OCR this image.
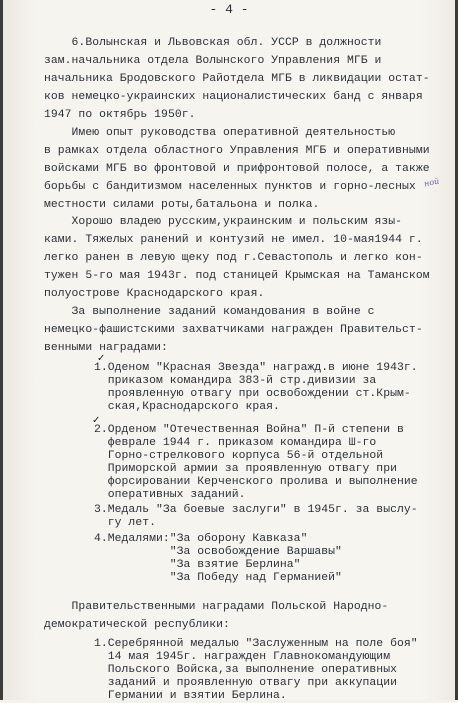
- 4 -
6.Волынская и Львовская обл. УССР в должности
зам.начальника отдела Волынского Управления МГБ и
начальника Бродовского Райотдела МГБ в ликвидации остат-
ков немецко-украинских националистических банд с января
1947 по октябрь 1950г.
Имею опыт руководства оперативной деятельностью
в рамках отдела областного Управления МГБ и оперативными
войсками МГБ во фронтовой и прифронтовой полосе, а также
борьбы с бандитизмом населенных пунктов и горно-лесных
местности силами роты,батальона и полка.
Хорошо владею русским,украинским и польским язы-
ками. Тяжелых ранений и контузий не имел. 10-мая1944 г.
легко ранен в левую щеку под г.Севастополь и легко кон-
тужен 5-го мая 1943г. под станицей Крымская на Таманском
полуострове Краснодарского края.
За выполнение заданий командования в войне с
немецко-фашистскими захватчиками награжден Правительст-
венными наградами:
1.Оденом "Красная Звезда" награжд.в июне 1943г.
приказом командира 383-й стр.дивизии за
проявленную отвагу при освобождении ст.Крым-
ская,Краснодарского края.
2.Орденом "Отечественная Война" П-й степени в
феврале 1944 г. приказом командира Ш-го
Горно-стрелкового корпуса 56-й отдельной
Приморской армии за проявленную отвагу при
форсировании Керченского пролива и выполнение
оперативных заданий.
3.Медаль "За боевые заслуги" в 1945г. за выслу-
гу лет.
4.Медалями:"За оборону Кавказа"
"За освобождение Варшавы"
"За взятие Берлина"
"За Победу над Германией"
Правительственными наградами Польской Народно-
демократической республики:
1.Серебрянной медалью "Заслуженным на поле боя"
14 мая 1945г. награжден Главнокомандующим
Польского Войска,за выполнение оперативных
заданий и проявленную отвагу при аккупации
Германии и взятии Берлина.
ной
✓
✓
